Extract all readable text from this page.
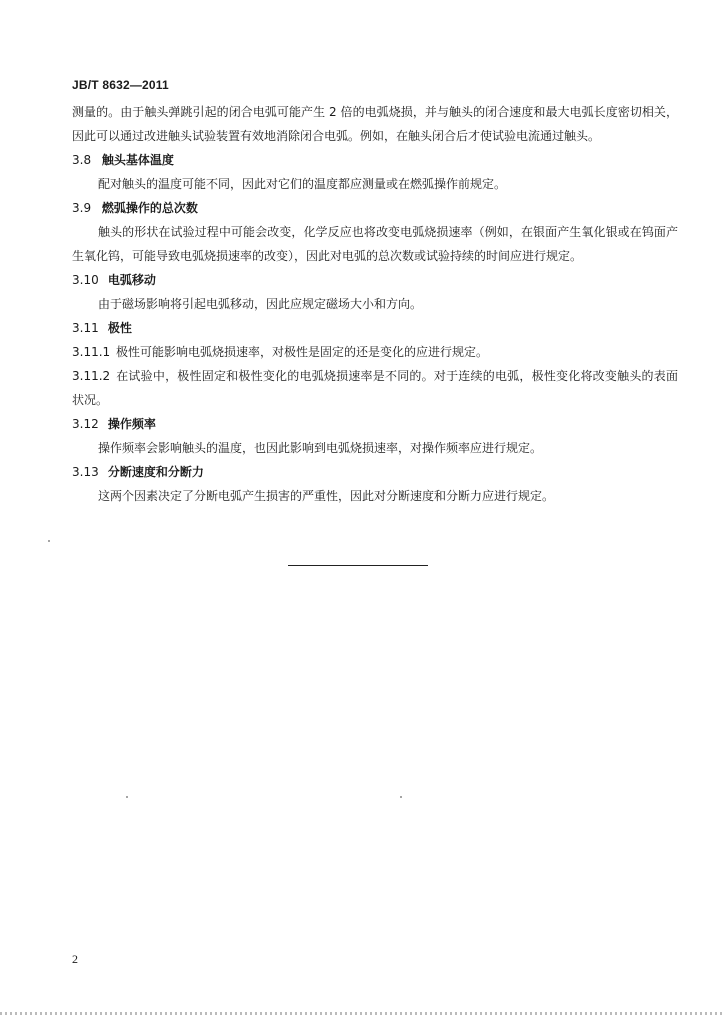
JB/T 8632—2011

测量的。由于触头弹跳引起的闭合电弧可能产生 2 倍的电弧烧损，并与触头的闭合速度和最大电弧长度密切相关，因此可以通过改进触头试验装置有效地消除闭合电弧。例如，在触头闭合后才使试验电流通过触头。

3.8 触头基体温度

配对触头的温度可能不同，因此对它们的温度都应测量或在燃弧操作前规定。

3.9 燃弧操作的总次数

触头的形状在试验过程中可能会改变，化学反应也将改变电弧烧损速率（例如，在银面产生氧化银或在钨面产生氧化钨，可能导致电弧烧损速率的改变），因此对电弧的总次数或试验持续的时间应进行规定。

3.10 电弧移动

由于磁场影响将引起电弧移动，因此应规定磁场大小和方向。

3.11 极性

3.11.1 极性可能影响电弧烧损速率，对极性是固定的还是变化的应进行规定。

3.11.2 在试验中，极性固定和极性变化的电弧烧损速率是不同的。对于连续的电弧，极性变化将改变触头的表面状况。

3.12 操作频率

操作频率会影响触头的温度，也因此影响到电弧烧损速率，对操作频率应进行规定。

3.13 分断速度和分断力

这两个因素决定了分断电弧产生损害的严重性，因此对分断速度和分断力应进行规定。

2
